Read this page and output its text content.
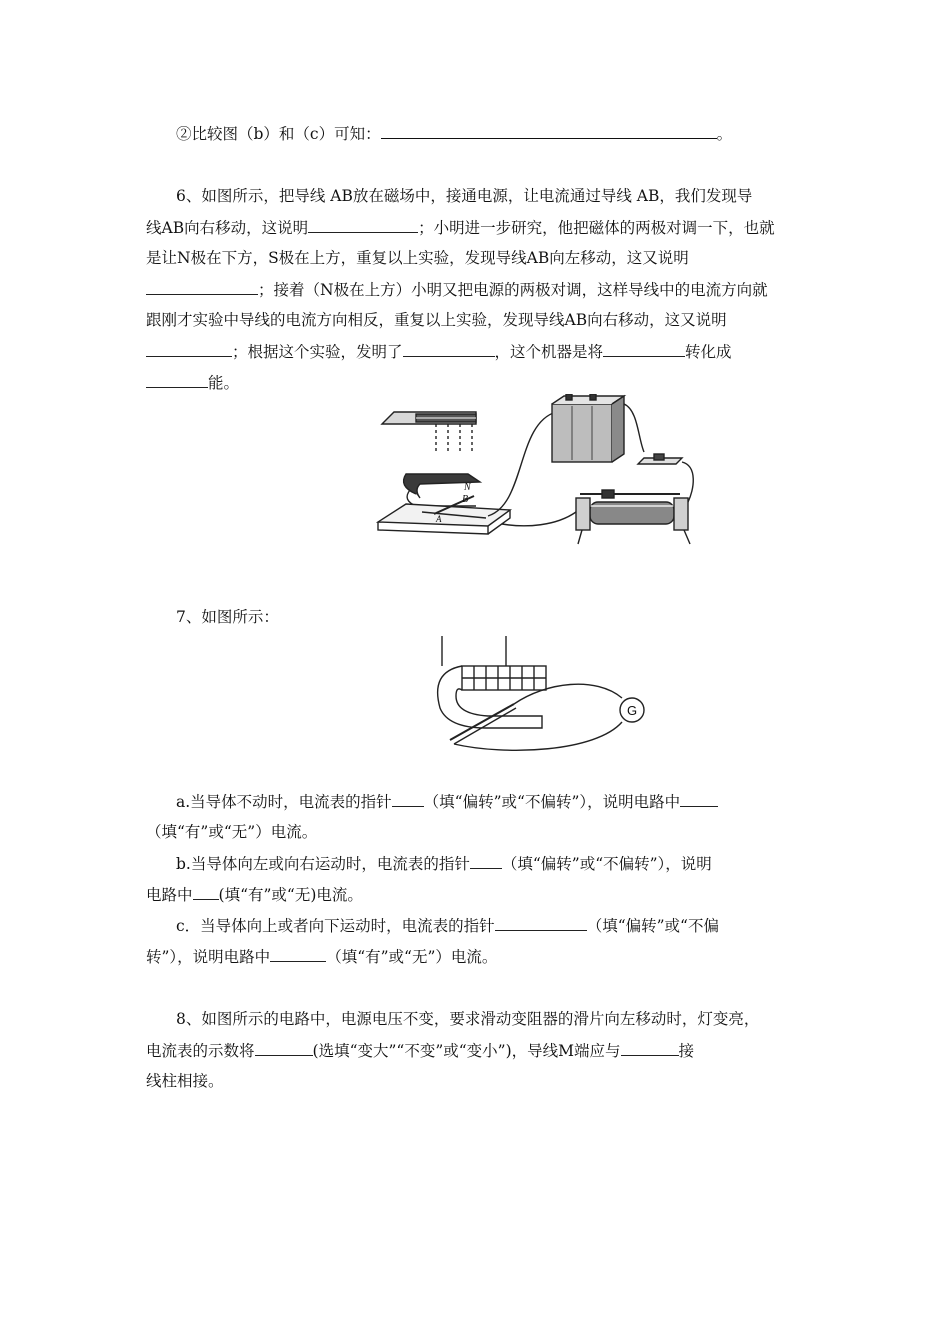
②比较图（b）和（c）可知：	。
6、如图所示，把导线 AB放在磁场中，接通电源，让电流通过导线 AB，我们发现导
线AB向右移动，这说明	；小明进一步研究，他把磁体的两极对调一下，也就
是让N极在下方，S极在上方，重复以上实验，发现导线AB向左移动，这又说明
；接着（N极在上方）小明又把电源的两极对调，这样导线中的电流方向就
跟刚才实验中导线的电流方向相反，重复以上实验，发现导线AB向右移动，这又说明
；根据这个实验，发明了	，这个机器是将	转化成
能。
N
B
A
7、如图所示：
G
a.当导体不动时，电流表的指针 （填“偏转”或“不偏转”），说明电路中
（填“有”或“无”）电流。
b.当导体向左或向右运动时，电流表的指针 （填“偏转”或“不偏转”），说明
电路中 (填“有”或“无)电流。
c．当导体向上或者向下运动时，电流表的指针	（填“偏转”或“不偏
转”），说明电路中	（填“有”或“无”）电流。
8、如图所示的电路中，电源电压不变，要求滑动变阻器的滑片向左移动时，灯变亮，
电流表的示数将	(选填“变大”“不变”或“变小”)，导线M端应与	接
线柱相接。
